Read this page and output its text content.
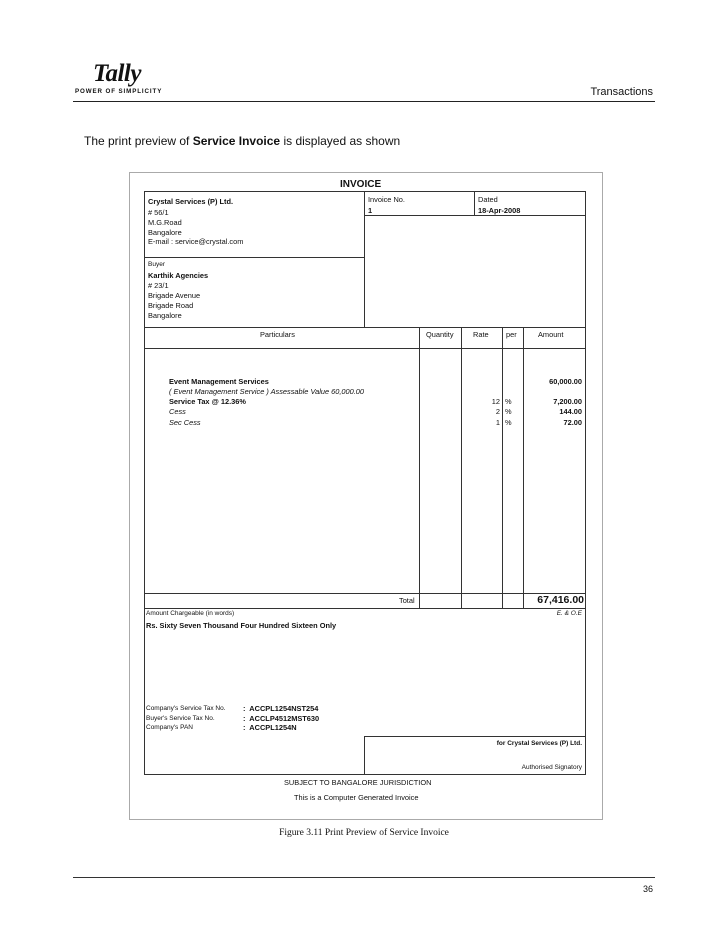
Tally
POWER OF SIMPLICITY	Transactions
The print preview of Service Invoice is displayed as shown
INVOICE
Crystal Services (P) Ltd.
# 56/1
M.G.Road
Bangalore
E-mail : service@crystal.com
Invoice No.
1
Dated
18-Apr-2008
Buyer
Karthik Agencies
# 23/1
Brigade Avenue
Brigade Road
Bangalore
Particulars	Quantity	Rate per	Amount
Event Management Services	60,000.00
( Event Management Service ) Assessable Value 60,000.00
Service Tax @ 12.36%	12 %	7,200.00
Cess	2 %	144.00
Sec Cess	1 %	72.00
Total	67,416.00
Amount Chargeable (in words)	E. & O.E
Rs. Sixty Seven Thousand Four Hundred Sixteen Only
Company's Service Tax No. :  ACCPL1254NST254
Buyer's Service Tax No.	:  ACCLP4512MST630
Company's PAN	:  ACCPL1254N
for Crystal Services (P) Ltd.
Authorised Signatory
SUBJECT TO BANGALORE JURISDICTION
This is a Computer Generated Invoice
Figure 3.11 Print Preview of Service Invoice
36
